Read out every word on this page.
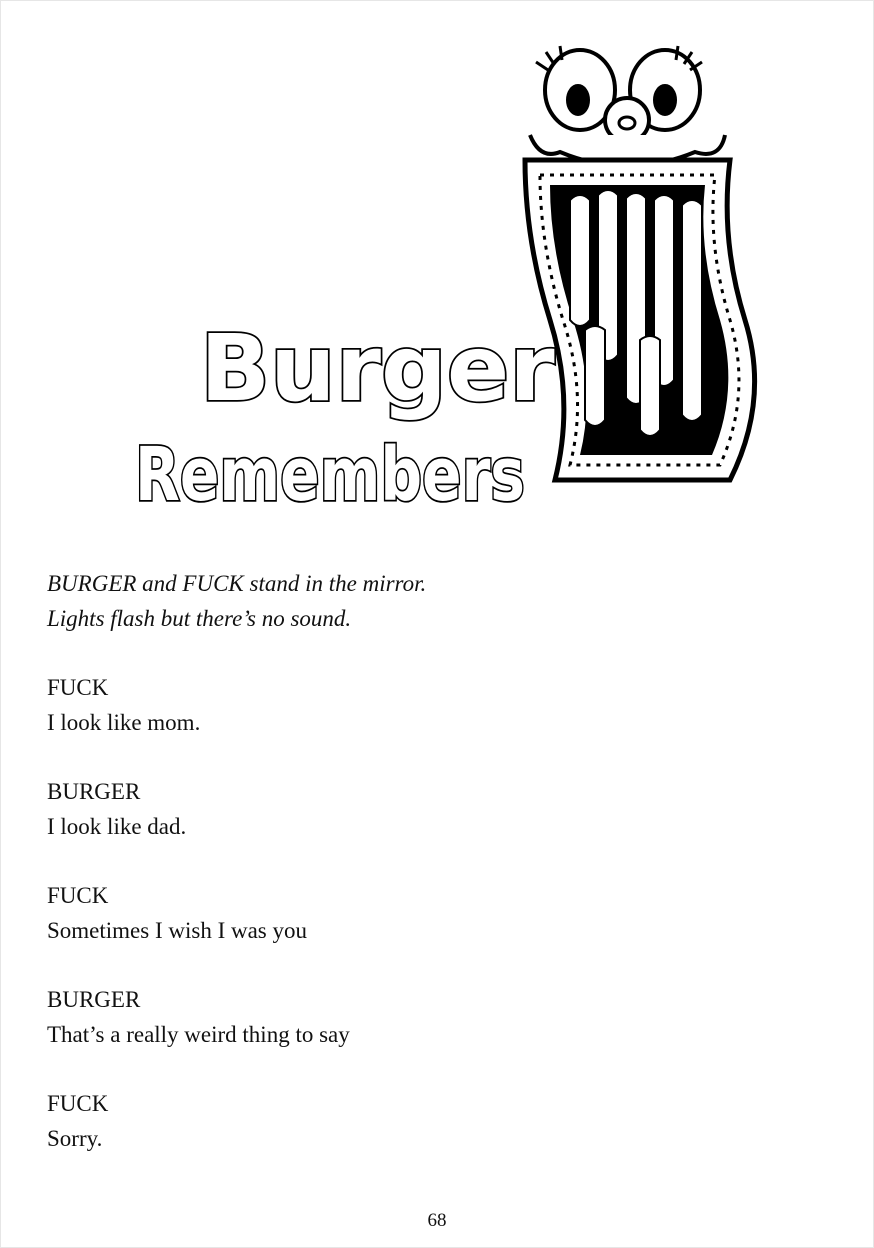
Burger
Remembers

BURGER and FUCK stand in the mirror.
Lights flash but there’s no sound.

FUCK
I look like mom.
BURGER
I look like dad.
FUCK
Sometimes I wish I was you
BURGER
That’s a really weird thing to say
FUCK
Sorry.
68
